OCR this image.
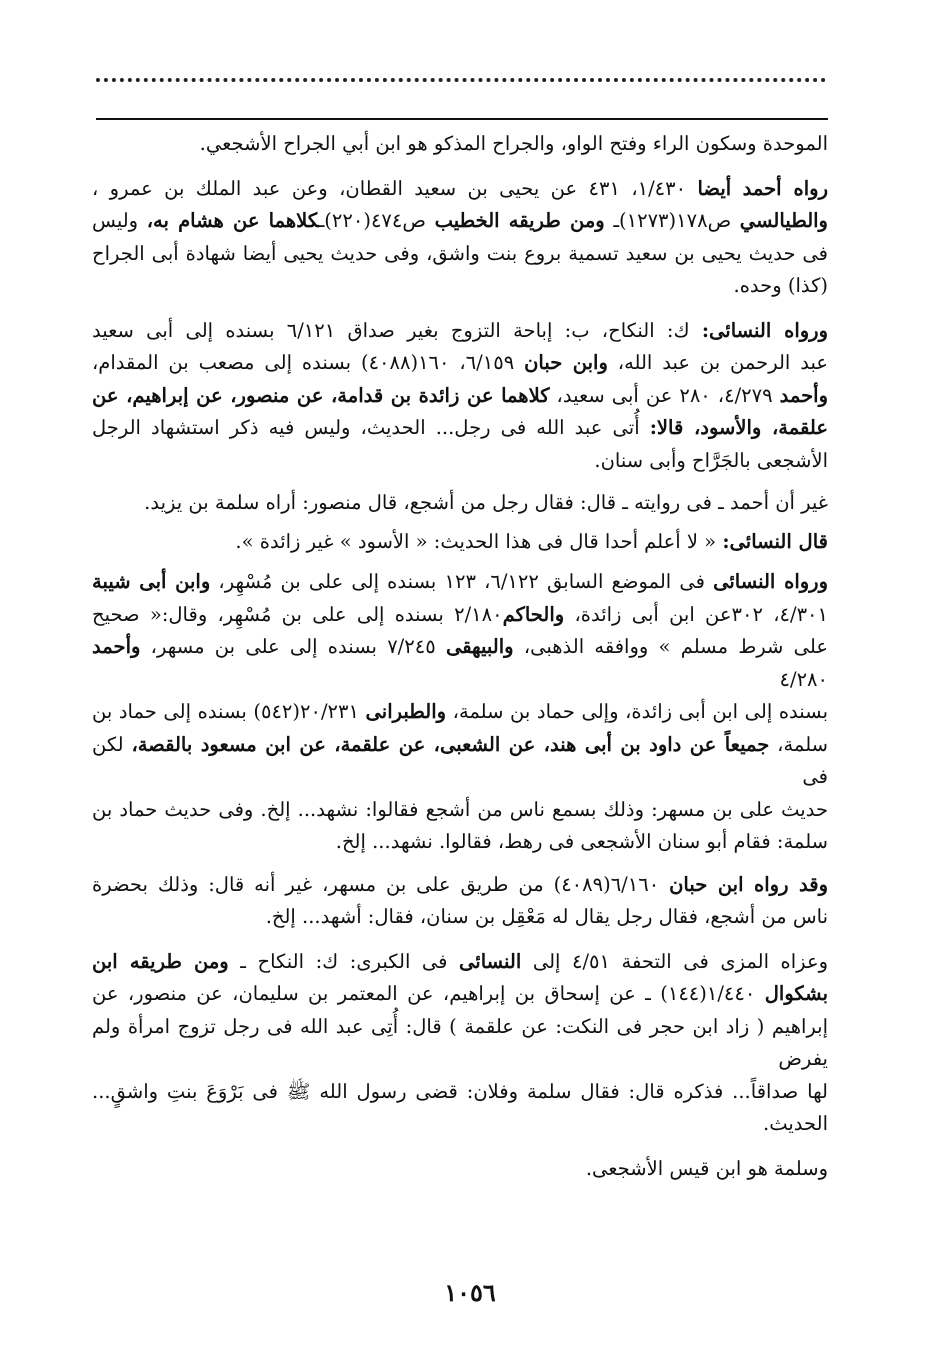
الموحدة وسكون الراء وفتح الواو، والجراح المذكو هو ابن أبي الجراح الأشجعي.
رواه أحمد أيضا ١/٤٣٠، ٤٣١ عن يحيى بن سعيد القطان، وعن عبد الملك بن عمرو ،
والطيالسي ص١٧٨(١٢٧٣)ـ ومن طريقه الخطيب ص٤٧٤(٢٢٠)ـكلاهما عن هشام به، وليس
فى حديث يحيى بن سعيد تسمية بروع بنت واشق، وفى حديث يحيى أيضا شهادة أبى الجراح
(كذا) وحده.
ورواه النسائى: ك: النكاح، ب: إباحة التزوج بغير صداق ٦/١٢١ بسنده إلى أبى سعيد
عبد الرحمن بن عبد الله، وابن حبان ٦/١٥٩، ١٦٠(٤٠٨٨) بسنده إلى مصعب بن المقدام،
وأحمد ٤/٢٧٩، ٢٨٠ عن أبى سعيد، كلاهما عن زائدة بن قدامة، عن منصور، عن إبراهيم، عن
علقمة، والأسود، قالا: أُتى عبد الله فى رجل... الحديث، وليس فيه ذكر استشهاد الرجل
الأشجعى بالجَرَّاح وأبى سنان.
غير أن أحمد ـ فى روايته ـ قال: فقال رجل من أشجع، قال منصور: أراه سلمة بن يزيد.
قال النسائى: « لا أعلم أحدا قال فى هذا الحديث: « الأسود » غير زائدة ».
ورواه النسائى فى الموضع السابق ٦/١٢٢، ١٢٣ بسنده إلى على بن مُسْهِر، وابن أبى شيبة
٤/٣٠١، ٣٠٢عن ابن أبى زائدة، والحاكم٢/١٨٠ بسنده إلى على بن مُسْهِر، وقال:« صحيح
على شرط مسلم » ووافقه الذهبى، والبيهقى ٧/٢٤٥ بسنده إلى على بن مسهر، وأحمد ٤/٢٨٠
بسنده إلى ابن أبى زائدة، وإلى حماد بن سلمة، والطبرانى ٢٠/٢٣١(٥٤٢) بسنده إلى حماد بن
سلمة، جميعاً عن داود بن أبى هند، عن الشعبى، عن علقمة، عن ابن مسعود بالقصة، لكن فى
حديث على بن مسهر: وذلك بسمع ناس من أشجع فقالوا: نشهد... إلخ. وفى حديث حماد بن
سلمة: فقام أبو سنان الأشجعى فى رهط، فقالوا. نشهد... إلخ.
وقد رواه ابن حبان ٦/١٦٠(٤٠٨٩) من طريق على بن مسهر، غير أنه قال: وذلك بحضرة
ناس من أشجع، فقال رجل يقال له مَعْقِل بن سنان، فقال: أشهد... إلخ.
وعزاه المزى فى التحفة ٤/٥١ إلى النسائى فى الكبرى: ك: النكاح ـ ومن طريقه ابن
بشكوال ١/٤٤٠(١٤٤) ـ عن إسحاق بن إبراهيم، عن المعتمر بن سليمان، عن منصور، عن
إبراهيم ( زاد ابن حجر فى النكت: عن علقمة ) قال: أُتِى عبد الله فى رجل تزوج امرأة ولم يفرض
لها صداقاً... فذكره قال: فقال سلمة وفلان: قضى رسول الله ﷺ فى بَرْوَعَ بنتِ واشقٍ...
الحديث.
وسلمة هو ابن قيس الأشجعى.
١٠٥٦
